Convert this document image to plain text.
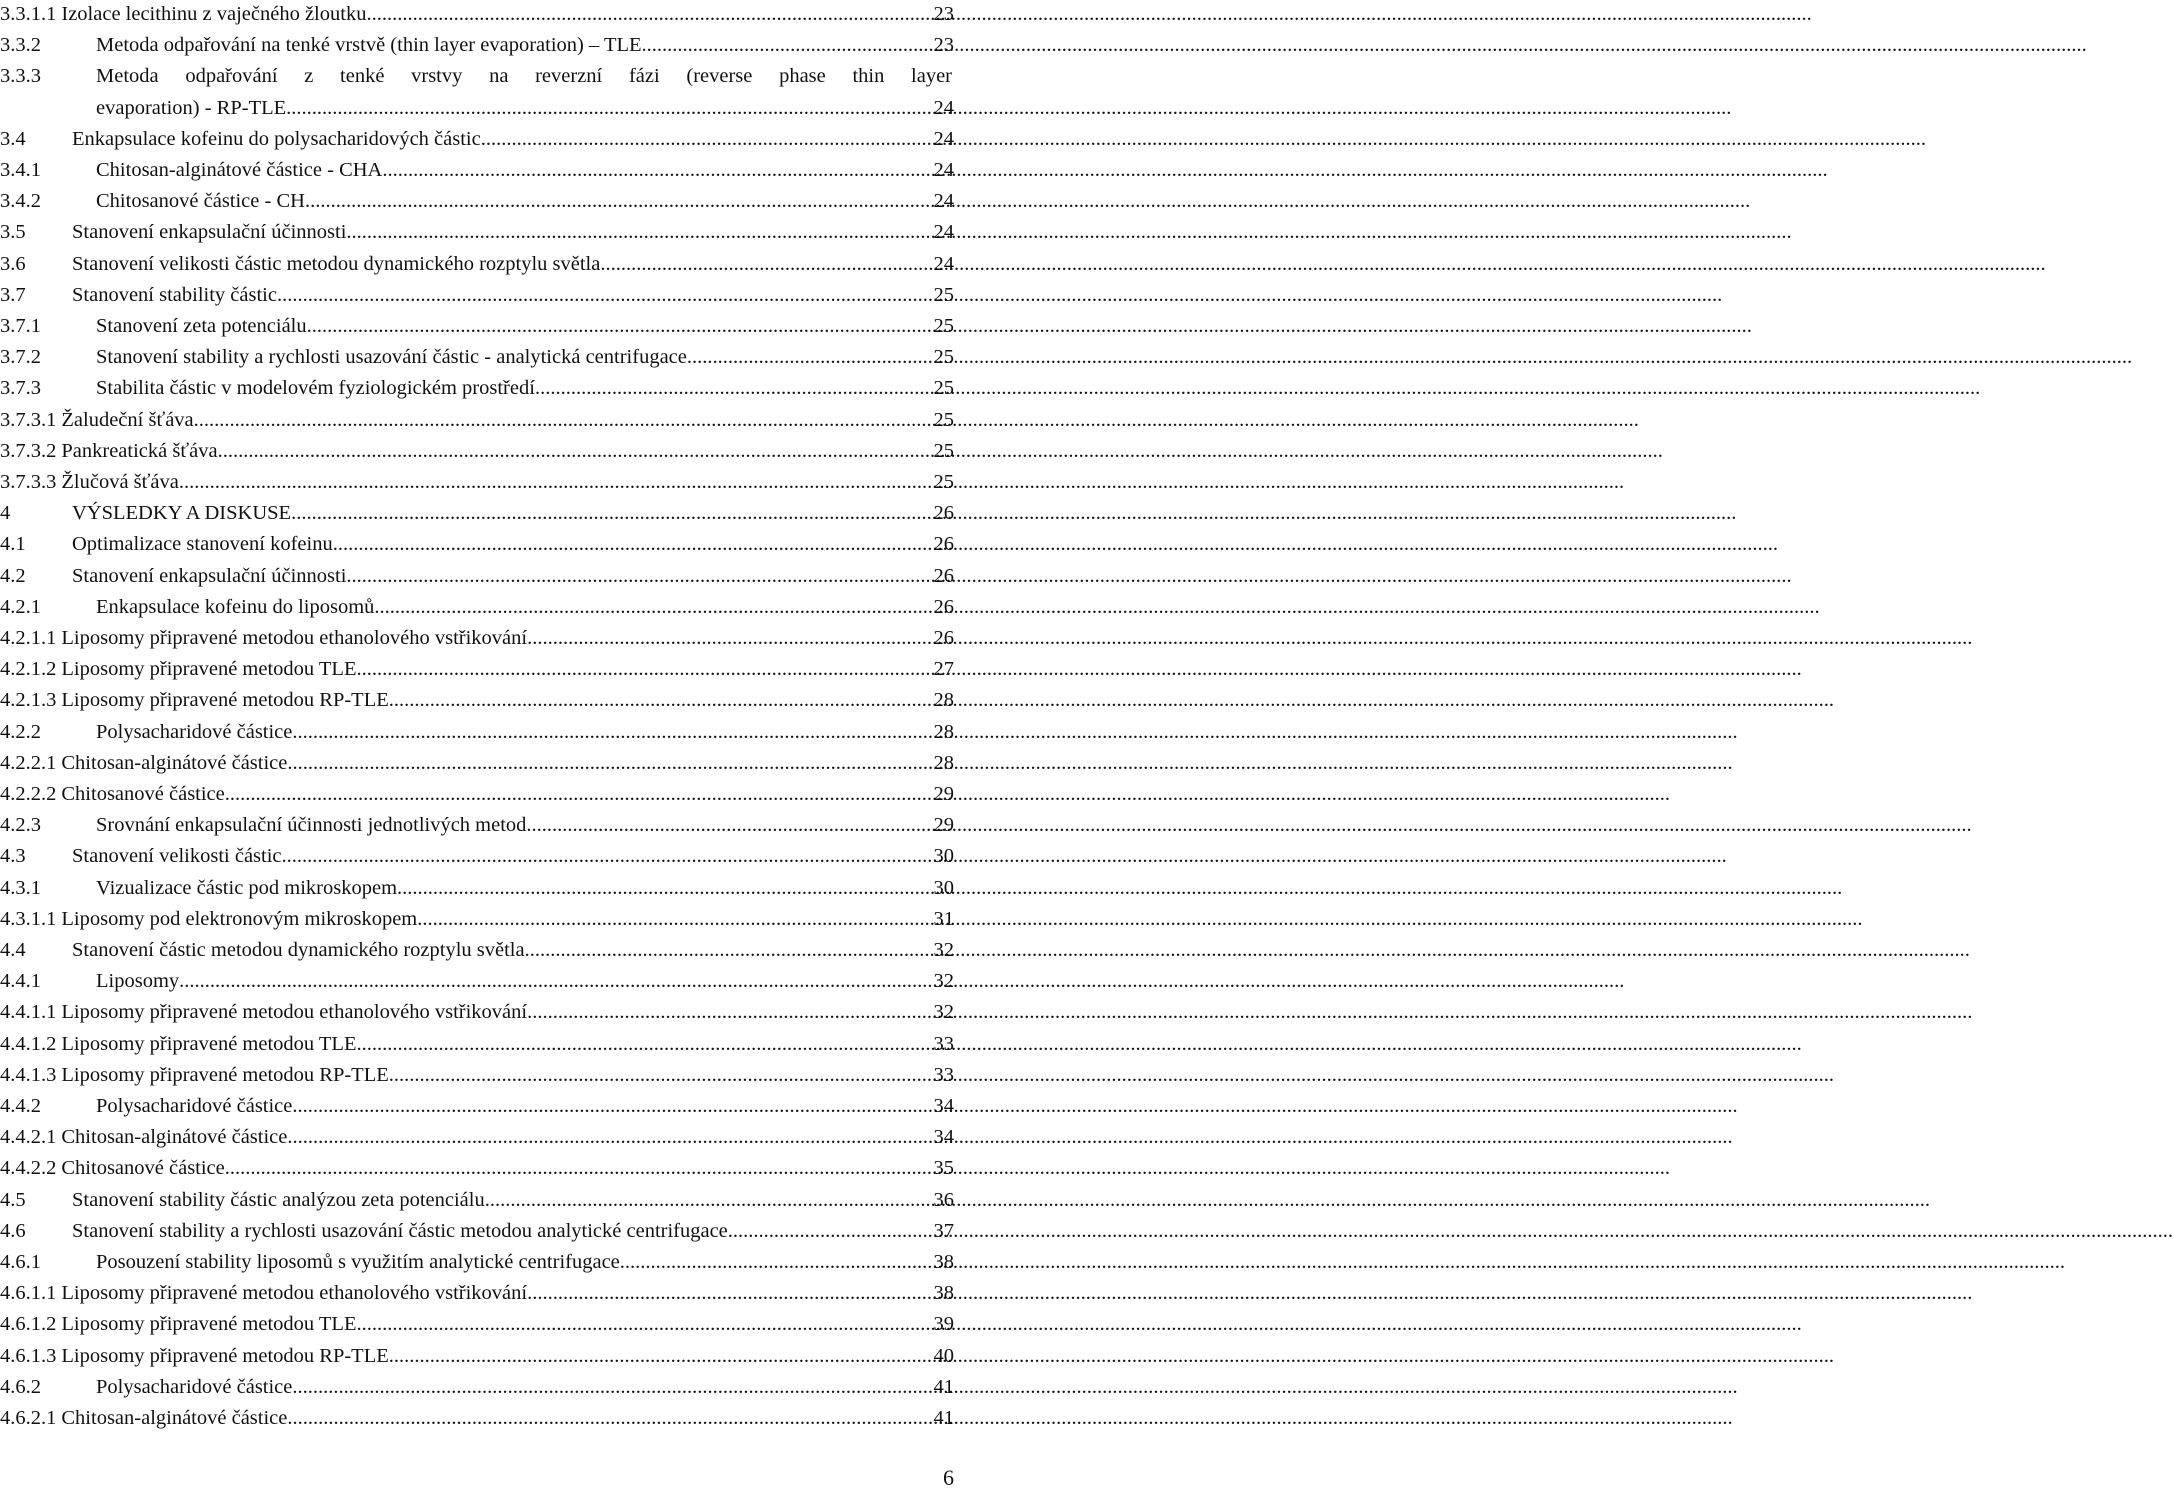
3.3.1.1 Izolace lecithinu z vaječného žloutku .....	23
3.3.2	Metoda odpařování na tenké vrstvě (thin layer evaporation) – TLE .....	23
3.3.3	Metoda odpařování z tenké vrstvy na reverzní fázi (reverse phase thin layer
evaporation) - RP-TLE .....	24
3.4	Enkapsulace kofeinu do polysacharidových částic .....	24
3.4.1	Chitosan-alginátové částice - CHA .....	24
3.4.2	Chitosanové částice - CH .....	24
3.5	Stanovení enkapsulační účinnosti .....	24
3.6	Stanovení velikosti částic metodou dynamického rozptylu světla .....	24
3.7	Stanovení stability částic .....	25
3.7.1	Stanovení zeta potenciálu .....	25
3.7.2	Stanovení stability a rychlosti usazování částic - analytická centrifugace .....	25
3.7.3	Stabilita částic v modelovém fyziologickém prostředí .....	25
3.7.3.1 Žaludeční šťáva .....	25
3.7.3.2 Pankreatická šťáva .....	25
3.7.3.3 Žlučová šťáva .....	25
4	VÝSLEDKY A DISKUSE .....	26
4.1	Optimalizace stanovení kofeinu .....	26
4.2	Stanovení enkapsulační účinnosti .....	26
4.2.1	Enkapsulace kofeinu do liposomů .....	26
4.2.1.1 Liposomy připravené metodou ethanolového vstřikování .....	26
4.2.1.2 Liposomy připravené metodou TLE .....	27
4.2.1.3 Liposomy připravené metodou RP-TLE .....	28
4.2.2	Polysacharidové částice .....	28
4.2.2.1 Chitosan-alginátové částice .....	28
4.2.2.2 Chitosanové částice .....	29
4.2.3	Srovnání enkapsulační účinnosti jednotlivých metod .....	29
4.3	Stanovení velikosti částic .....	30
4.3.1	Vizualizace částic pod mikroskopem .....	30
4.3.1.1 Liposomy pod elektronovým mikroskopem .....	31
4.4	Stanovení částic metodou dynamického rozptylu světla .....	32
4.4.1	Liposomy .....	32
4.4.1.1 Liposomy připravené metodou ethanolového vstřikování .....	32
4.4.1.2 Liposomy připravené metodou TLE .....	33
4.4.1.3 Liposomy připravené metodou RP-TLE .....	33
4.4.2	Polysacharidové částice .....	34
4.4.2.1 Chitosan-alginátové částice .....	34
4.4.2.2 Chitosanové částice .....	35
4.5	Stanovení stability částic analýzou zeta potenciálu .....	36
4.6	Stanovení stability a rychlosti usazování částic metodou analytické centrifugace .....	37
4.6.1	Posouzení stability liposomů s využitím analytické centrifugace .....	38
4.6.1.1 Liposomy připravené metodou ethanolového vstřikování .....	38
4.6.1.2 Liposomy připravené metodou TLE .....	39
4.6.1.3 Liposomy připravené metodou RP-TLE .....	40
4.6.2	Polysacharidové částice .....	41
4.6.2.1 Chitosan-alginátové částice .....	41
6
